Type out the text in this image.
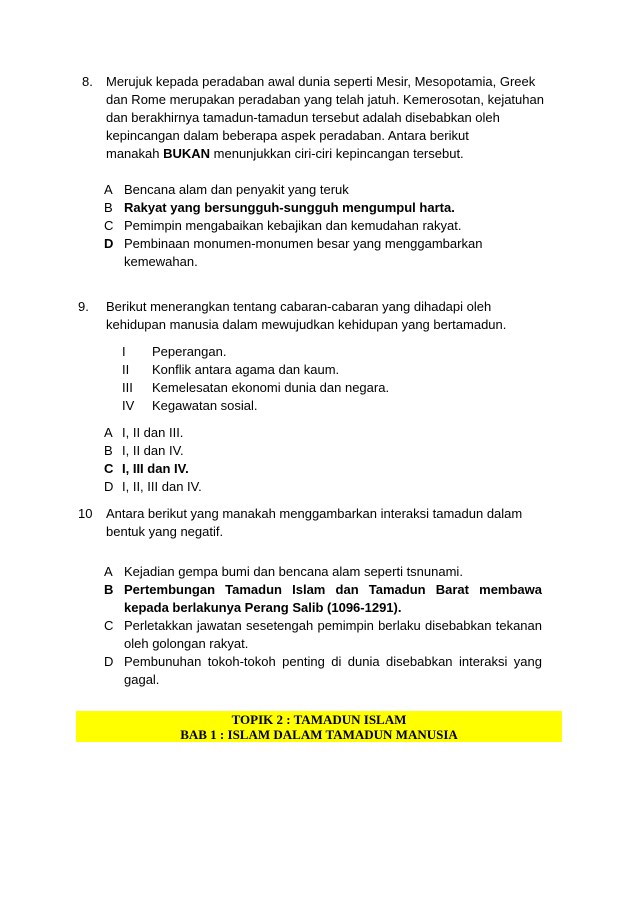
8. Merujuk kepada peradaban awal dunia seperti Mesir, Mesopotamia, Greek
dan Rome merupakan peradaban yang telah jatuh. Kemerosotan, kejatuhan
dan berakhirnya tamadun-tamadun tersebut adalah disebabkan oleh
kepincangan dalam beberapa aspek peradaban. Antara berikut
manakah BUKAN menunjukkan ciri-ciri kepincangan tersebut.
A Bencana alam dan penyakit yang teruk
B Rakyat yang bersungguh-sungguh mengumpul harta.
C Pemimpin mengabaikan kebajikan dan kemudahan rakyat.
D Pembinaan monumen-monumen besar yang menggambarkan
kemewahan.
9. Berikut menerangkan tentang cabaran-cabaran yang dihadapi oleh
kehidupan manusia dalam mewujudkan kehidupan yang bertamadun.
I Peperangan.
II Konflik antara agama dan kaum.
III Kemelesatan ekonomi dunia dan negara.
IV Kegawatan sosial.
A I, II dan III.
B I, II dan IV.
C I, III dan IV.
D I, II, III dan IV.
10 Antara berikut yang manakah menggambarkan interaksi tamadun dalam
bentuk yang negatif.
A Kejadian gempa bumi dan bencana alam seperti tsnunami.
B Pertembungan Tamadun Islam dan Tamadun Barat membawa
kepada berlakunya Perang Salib (1096-1291).
C Perletakkan jawatan sesetengah pemimpin berlaku disebabkan tekanan
oleh golongan rakyat.
D Pembunuhan tokoh-tokoh penting di dunia disebabkan interaksi yang
gagal.
TOPIK 2 : TAMADUN ISLAM
BAB 1 : ISLAM DALAM TAMADUN MANUSIA
